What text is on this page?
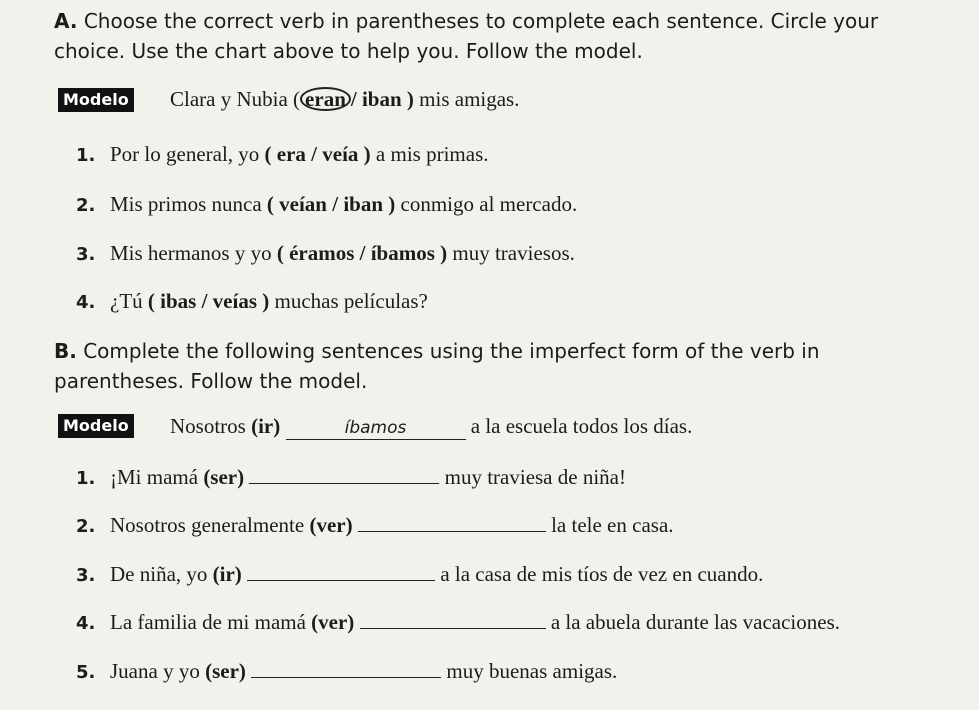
A. Choose the correct verb in parentheses to complete each sentence. Circle your choice. Use the chart above to help you. Follow the model.
Modelo Clara y Nubia ( eran / iban ) mis amigas.
1. Por lo general, yo ( era / veía ) a mis primas.
2. Mis primos nunca ( veían / iban ) conmigo al mercado.
3. Mis hermanos y yo ( éramos / íbamos ) muy traviesos.
4. ¿Tú ( ibas / veías ) muchas películas?
B. Complete the following sentences using the imperfect form of the verb in parentheses. Follow the model.
Modelo Nosotros (ir)	íbamos	a la escuela todos los días.
1. ¡Mi mamá (ser)	muy traviesa de niña!
2. Nosotros generalmente (ver)	la tele en casa.
3. De niña, yo (ir)	a la casa de mis tíos de vez en cuando.
4. La familia de mi mamá (ver)	a la abuela durante las vacaciones.
5. Juana y yo (ser)	muy buenas amigas.
